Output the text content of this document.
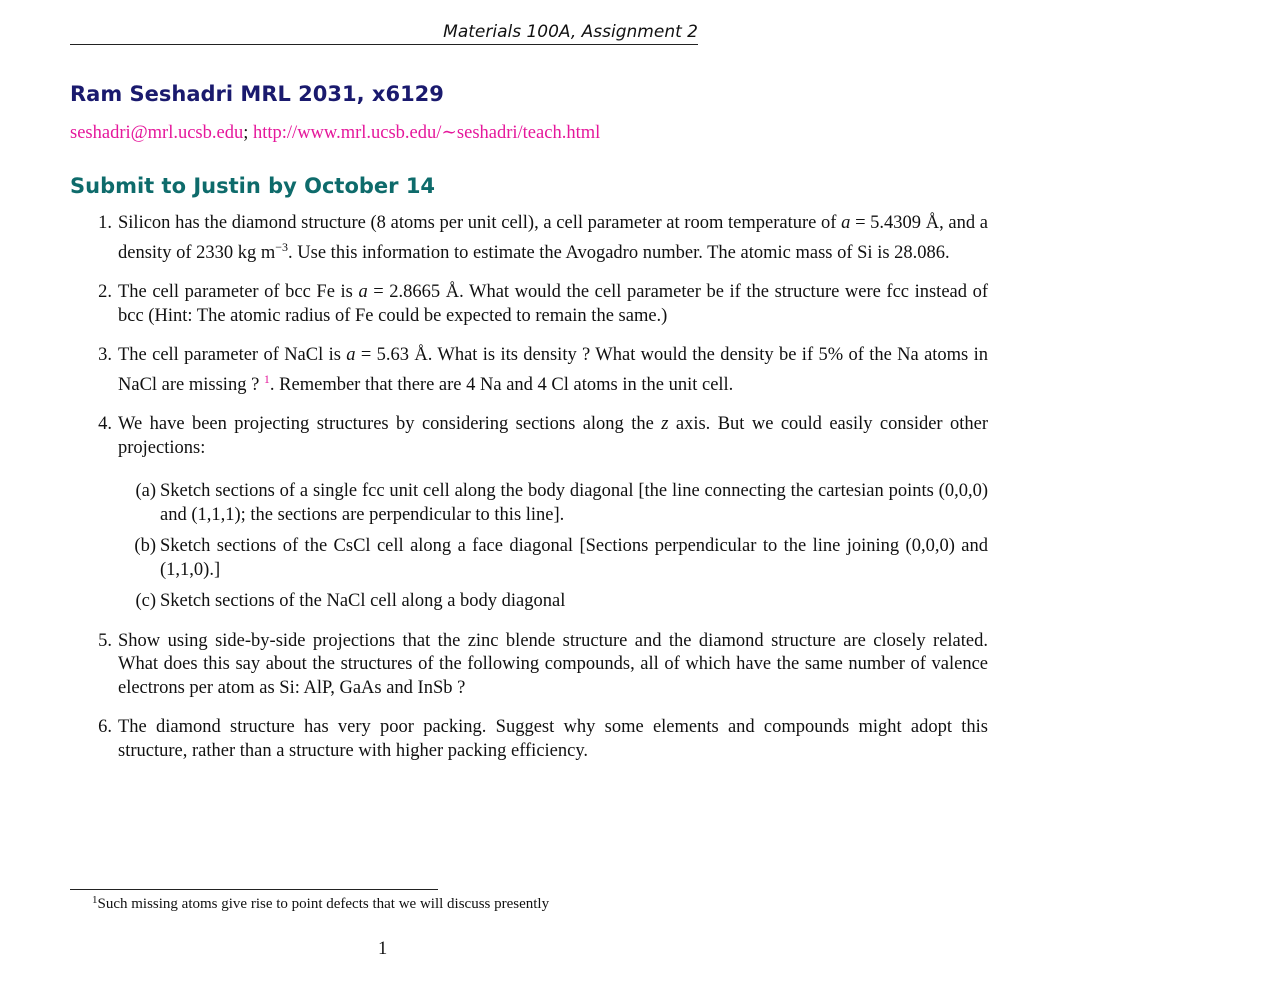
Materials 100A, Assignment 2
Ram Seshadri MRL 2031, x6129
seshadri@mrl.ucsb.edu; http://www.mrl.ucsb.edu/∼seshadri/teach.html
Submit to Justin by October 14
1. Silicon has the diamond structure (8 atoms per unit cell), a cell parameter at room temperature of a = 5.4309 Å, and a density of 2330 kg $m^{-3}$. Use this information to estimate the Avogadro number. The atomic mass of Si is 28.086.
2. The cell parameter of bcc Fe is a = 2.8665 Å. What would the cell parameter be if the structure were fcc instead of bcc (Hint: The atomic radius of Fe could be expected to remain the same.)
3. The cell parameter of NaCl is a = 5.63 Å. What is its density ? What would the density be if 5% of the Na atoms in NaCl are missing ? $^1$. Remember that there are 4 Na and 4 Cl atoms in the unit cell.
4. We have been projecting structures by considering sections along the z axis. But we could easily consider other projections:
(a) Sketch sections of a single fcc unit cell along the body diagonal [the line connecting the cartesian points (0,0,0) and (1,1,1); the sections are perpendicular to this line].
(b) Sketch sections of the CsCl cell along a face diagonal [Sections perpendicular to the line joining (0,0,0) and (1,1,0).]
(c) Sketch sections of the NaCl cell along a body diagonal
5. Show using side-by-side projections that the zinc blende structure and the diamond structure are closely related. What does this say about the structures of the following compounds, all of which have the same number of valence electrons per atom as Si: AlP, GaAs and InSb ?
6. The diamond structure has very poor packing. Suggest why some elements and compounds might adopt this structure, rather than a structure with higher packing efficiency.
$^1$Such missing atoms give rise to point defects that we will discuss presently
1
